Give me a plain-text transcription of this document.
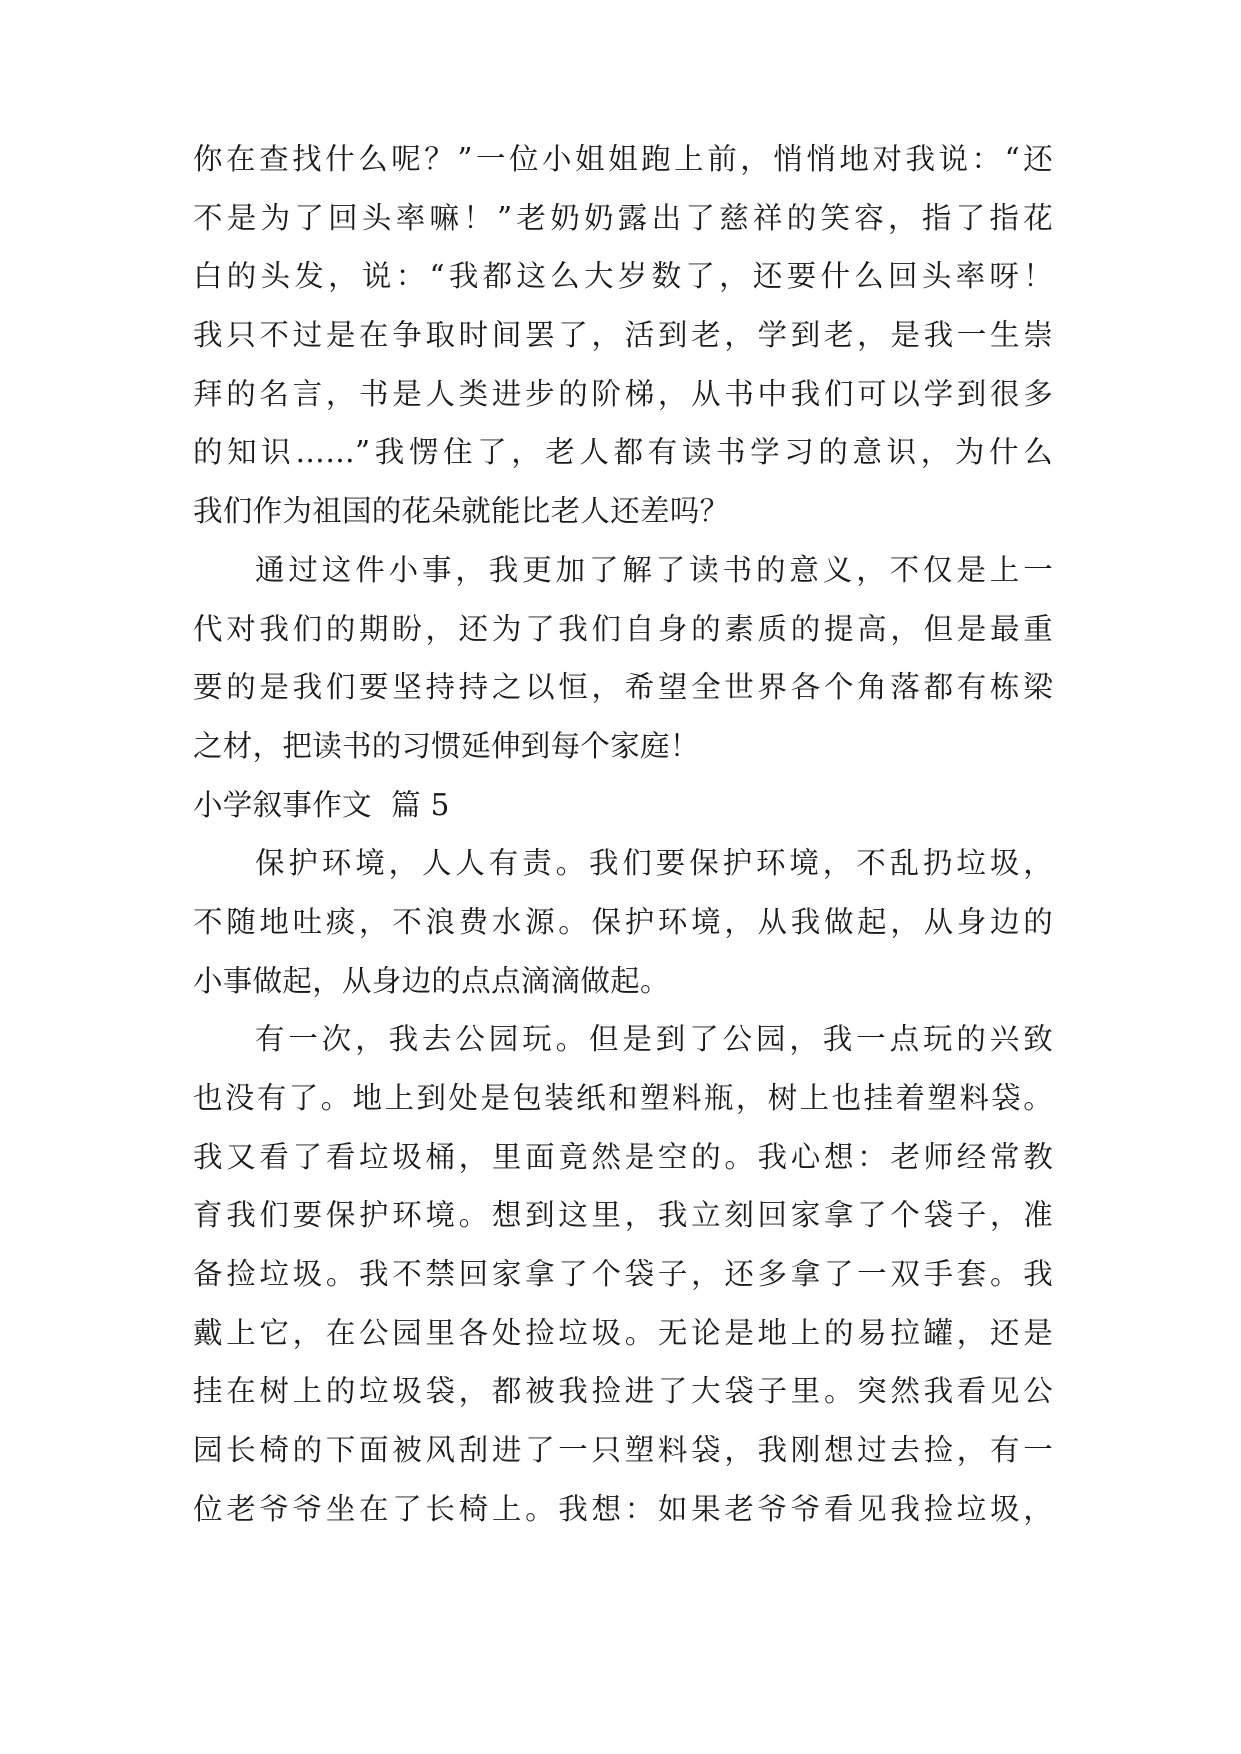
你在查找什么呢？”一位小姐姐跑上前，悄悄地对我说：“还
不是为了回头率嘛！”老奶奶露出了慈祥的笑容，指了指花
白的头发，说：“我都这么大岁数了，还要什么回头率呀！
我只不过是在争取时间罢了，活到老，学到老，是我一生崇
拜的名言，书是人类进步的阶梯，从书中我们可以学到很多
的知识……”我愣住了，老人都有读书学习的意识，为什么
我们作为祖国的花朵就能比老人还差吗？
通过这件小事，我更加了解了读书的意义，不仅是上一
代对我们的期盼，还为了我们自身的素质的提高，但是最重
要的是我们要坚持持之以恒，希望全世界各个角落都有栋梁
之材，把读书的习惯延伸到每个家庭！
小学叙事作文  篇 5
保护环境，人人有责。我们要保护环境，不乱扔垃圾，
不随地吐痰，不浪费水源。保护环境，从我做起，从身边的
小事做起，从身边的点点滴滴做起。
有一次，我去公园玩。但是到了公园，我一点玩的兴致
也没有了。地上到处是包装纸和塑料瓶，树上也挂着塑料袋。
我又看了看垃圾桶，里面竟然是空的。我心想：老师经常教
育我们要保护环境。想到这里，我立刻回家拿了个袋子，准
备捡垃圾。我不禁回家拿了个袋子，还多拿了一双手套。我
戴上它，在公园里各处捡垃圾。无论是地上的易拉罐，还是
挂在树上的垃圾袋，都被我捡进了大袋子里。突然我看见公
园长椅的下面被风刮进了一只塑料袋，我刚想过去捡，有一
位老爷爷坐在了长椅上。我想：如果老爷爷看见我捡垃圾，
